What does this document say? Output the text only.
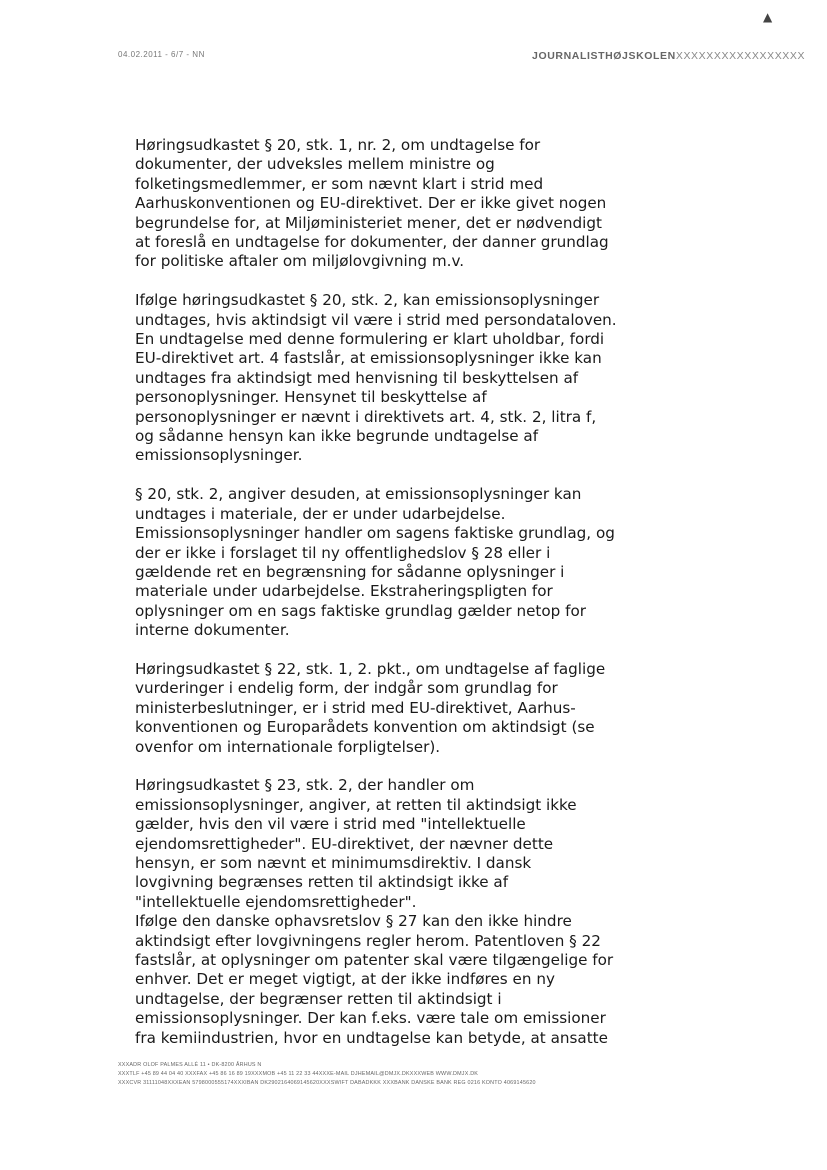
▲
04.02.2011 - 6/7 - NN	JOURNALISTHØJSKOLENXXXXXXXXXXXXXXXXX

Høringsudkastet § 20, stk. 1, nr. 2, om undtagelse for
dokumenter, der udveksles mellem ministre og
folketingsmedlemmer, er som nævnt klart i strid med
Aarhuskonventionen og EU-direktivet. Der er ikke givet nogen
begrundelse for, at Miljøministeriet mener, det er nødvendigt
at foreslå en undtagelse for dokumenter, der danner grundlag
for politiske aftaler om miljølovgivning m.v.

Ifølge høringsudkastet § 20, stk. 2, kan emissionsoplysninger
undtages, hvis aktindsigt vil være i strid med persondataloven.
En undtagelse med denne formulering er klart uholdbar, fordi
EU-direktivet art. 4 fastslår, at emissionsoplysninger ikke kan
undtages fra aktindsigt med henvisning til beskyttelsen af
personoplysninger. Hensynet til beskyttelse af
personoplysninger er nævnt i direktivets art. 4, stk. 2, litra f,
og sådanne hensyn kan ikke begrunde undtagelse af
emissionsoplysninger.

§ 20, stk. 2, angiver desuden, at emissionsoplysninger kan
undtages i materiale, der er under udarbejdelse.
Emissionsoplysninger handler om sagens faktiske grundlag, og
der er ikke i forslaget til ny offentlighedslov § 28 eller i
gældende ret en begrænsning for sådanne oplysninger i
materiale under udarbejdelse. Ekstraheringspligten for
oplysninger om en sags faktiske grundlag gælder netop for
interne dokumenter.

Høringsudkastet § 22, stk. 1, 2. pkt., om undtagelse af faglige
vurderinger i endelig form, der indgår som grundlag for
ministerbeslutninger, er i strid med EU-direktivet, Aarhus-
konventionen og Europarådets konvention om aktindsigt (se
ovenfor om internationale forpligtelser).

Høringsudkastet § 23, stk. 2, der handler om
emissionsoplysninger, angiver, at retten til aktindsigt ikke
gælder, hvis den vil være i strid med "intellektuelle
ejendomsrettigheder". EU-direktivet, der nævner dette
hensyn, er som nævnt et minimumsdirektiv. I dansk
lovgivning begrænses retten til aktindsigt ikke af
"intellektuelle ejendomsrettigheder".

Ifølge den danske ophavsretslov § 27 kan den ikke hindre
aktindsigt efter lovgivningens regler herom. Patentloven § 22
fastslår, at oplysninger om patenter skal være tilgængelige for
enhver. Det er meget vigtigt, at der ikke indføres en ny
undtagelse, der begrænser retten til aktindsigt i
emissionsoplysninger. Der kan f.eks. være tale om emissioner
fra kemiindustrien, hvor en undtagelse kan betyde, at ansatte

XXXADR OLOF PALMES ALLÉ 11 • DK-8200 ÅRHUS N
XXXTLF +45 89 44 04 40 XXXFAX +45 86 16 89 19XXXMOB +45 11 22 33 44XXXE-MAIL DJHEMAIL@DMJX.DKXXXWEB WWW.DMJX.DK
XXXCVR 31111048XXXEAN 5798000555174XXXIBAN DK2902164069145620XXXSWIFT DABADKKK XXXBANK DANSKE BANK REG 0216 KONTO 4069145620
